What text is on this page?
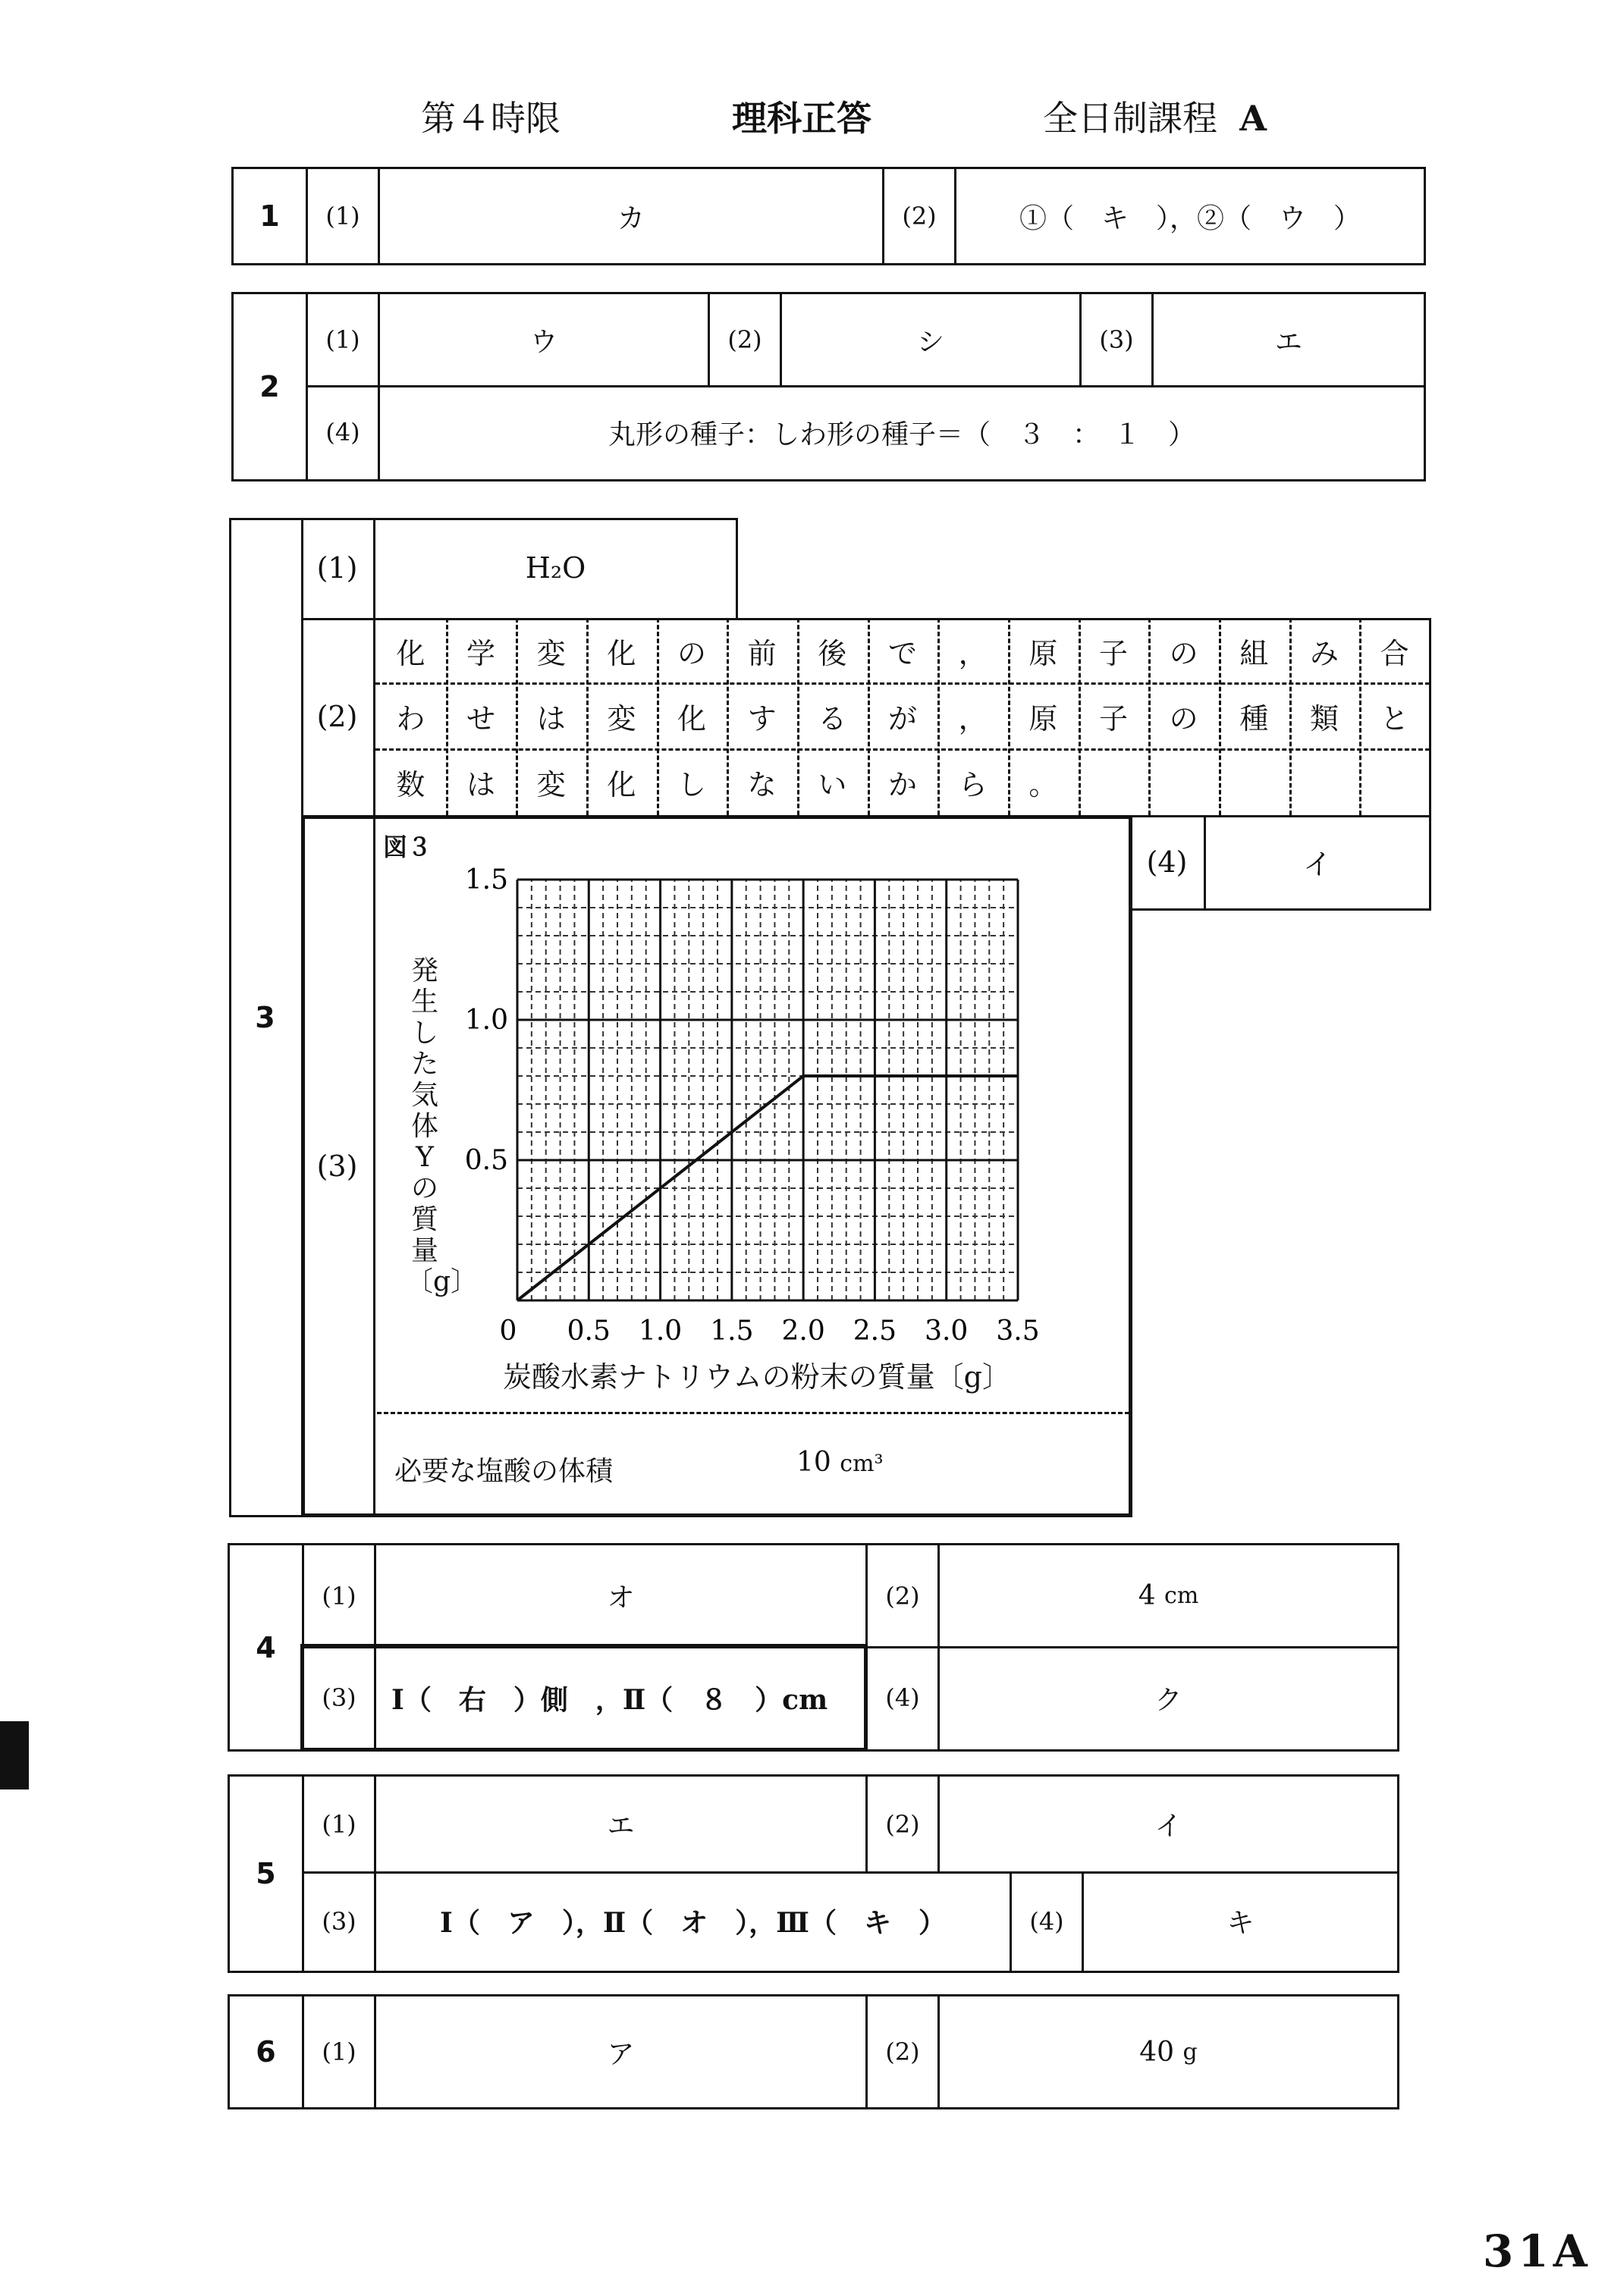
第４時限	理科正答	全日制課程 A
1	(1)	カ	(2)	①（　キ　），②（　ウ　）
2
(1)	ウ	(2)	シ	(3)	エ
(4)	丸形の種子：しわ形の種子＝（　３　：　１　）
3
(1)	H₂O
(2)
化	学	変	化	の	前	後	で	，	原	子	の	組	み	合
わ	せ	は	変	化	す	る	が	，	原	子	の	種	類	と
数	は	変	化	し	な	い	か	ら	。
(4)	イ
(3)
図３
1.5
1.0
0.5
0 0.5 1.0 1.5 2.0 2.5 3.0 3.5
発生した気体Yの質量〔g〕
炭酸水素ナトリウムの粉末の質量〔g〕
必要な塩酸の体積	10 cm³
4
(1)	オ	(2)	4
cm
(3)	Ⅰ（　右　）側　，Ⅱ（　８　）cm	(4)	ク
5
(1)	エ	(2)	イ
(3)	Ⅰ（　ア　），Ⅱ（　オ　），Ⅲ（　キ　）	(4)	キ
6	(1)	ア	(2)	40
g
31A
